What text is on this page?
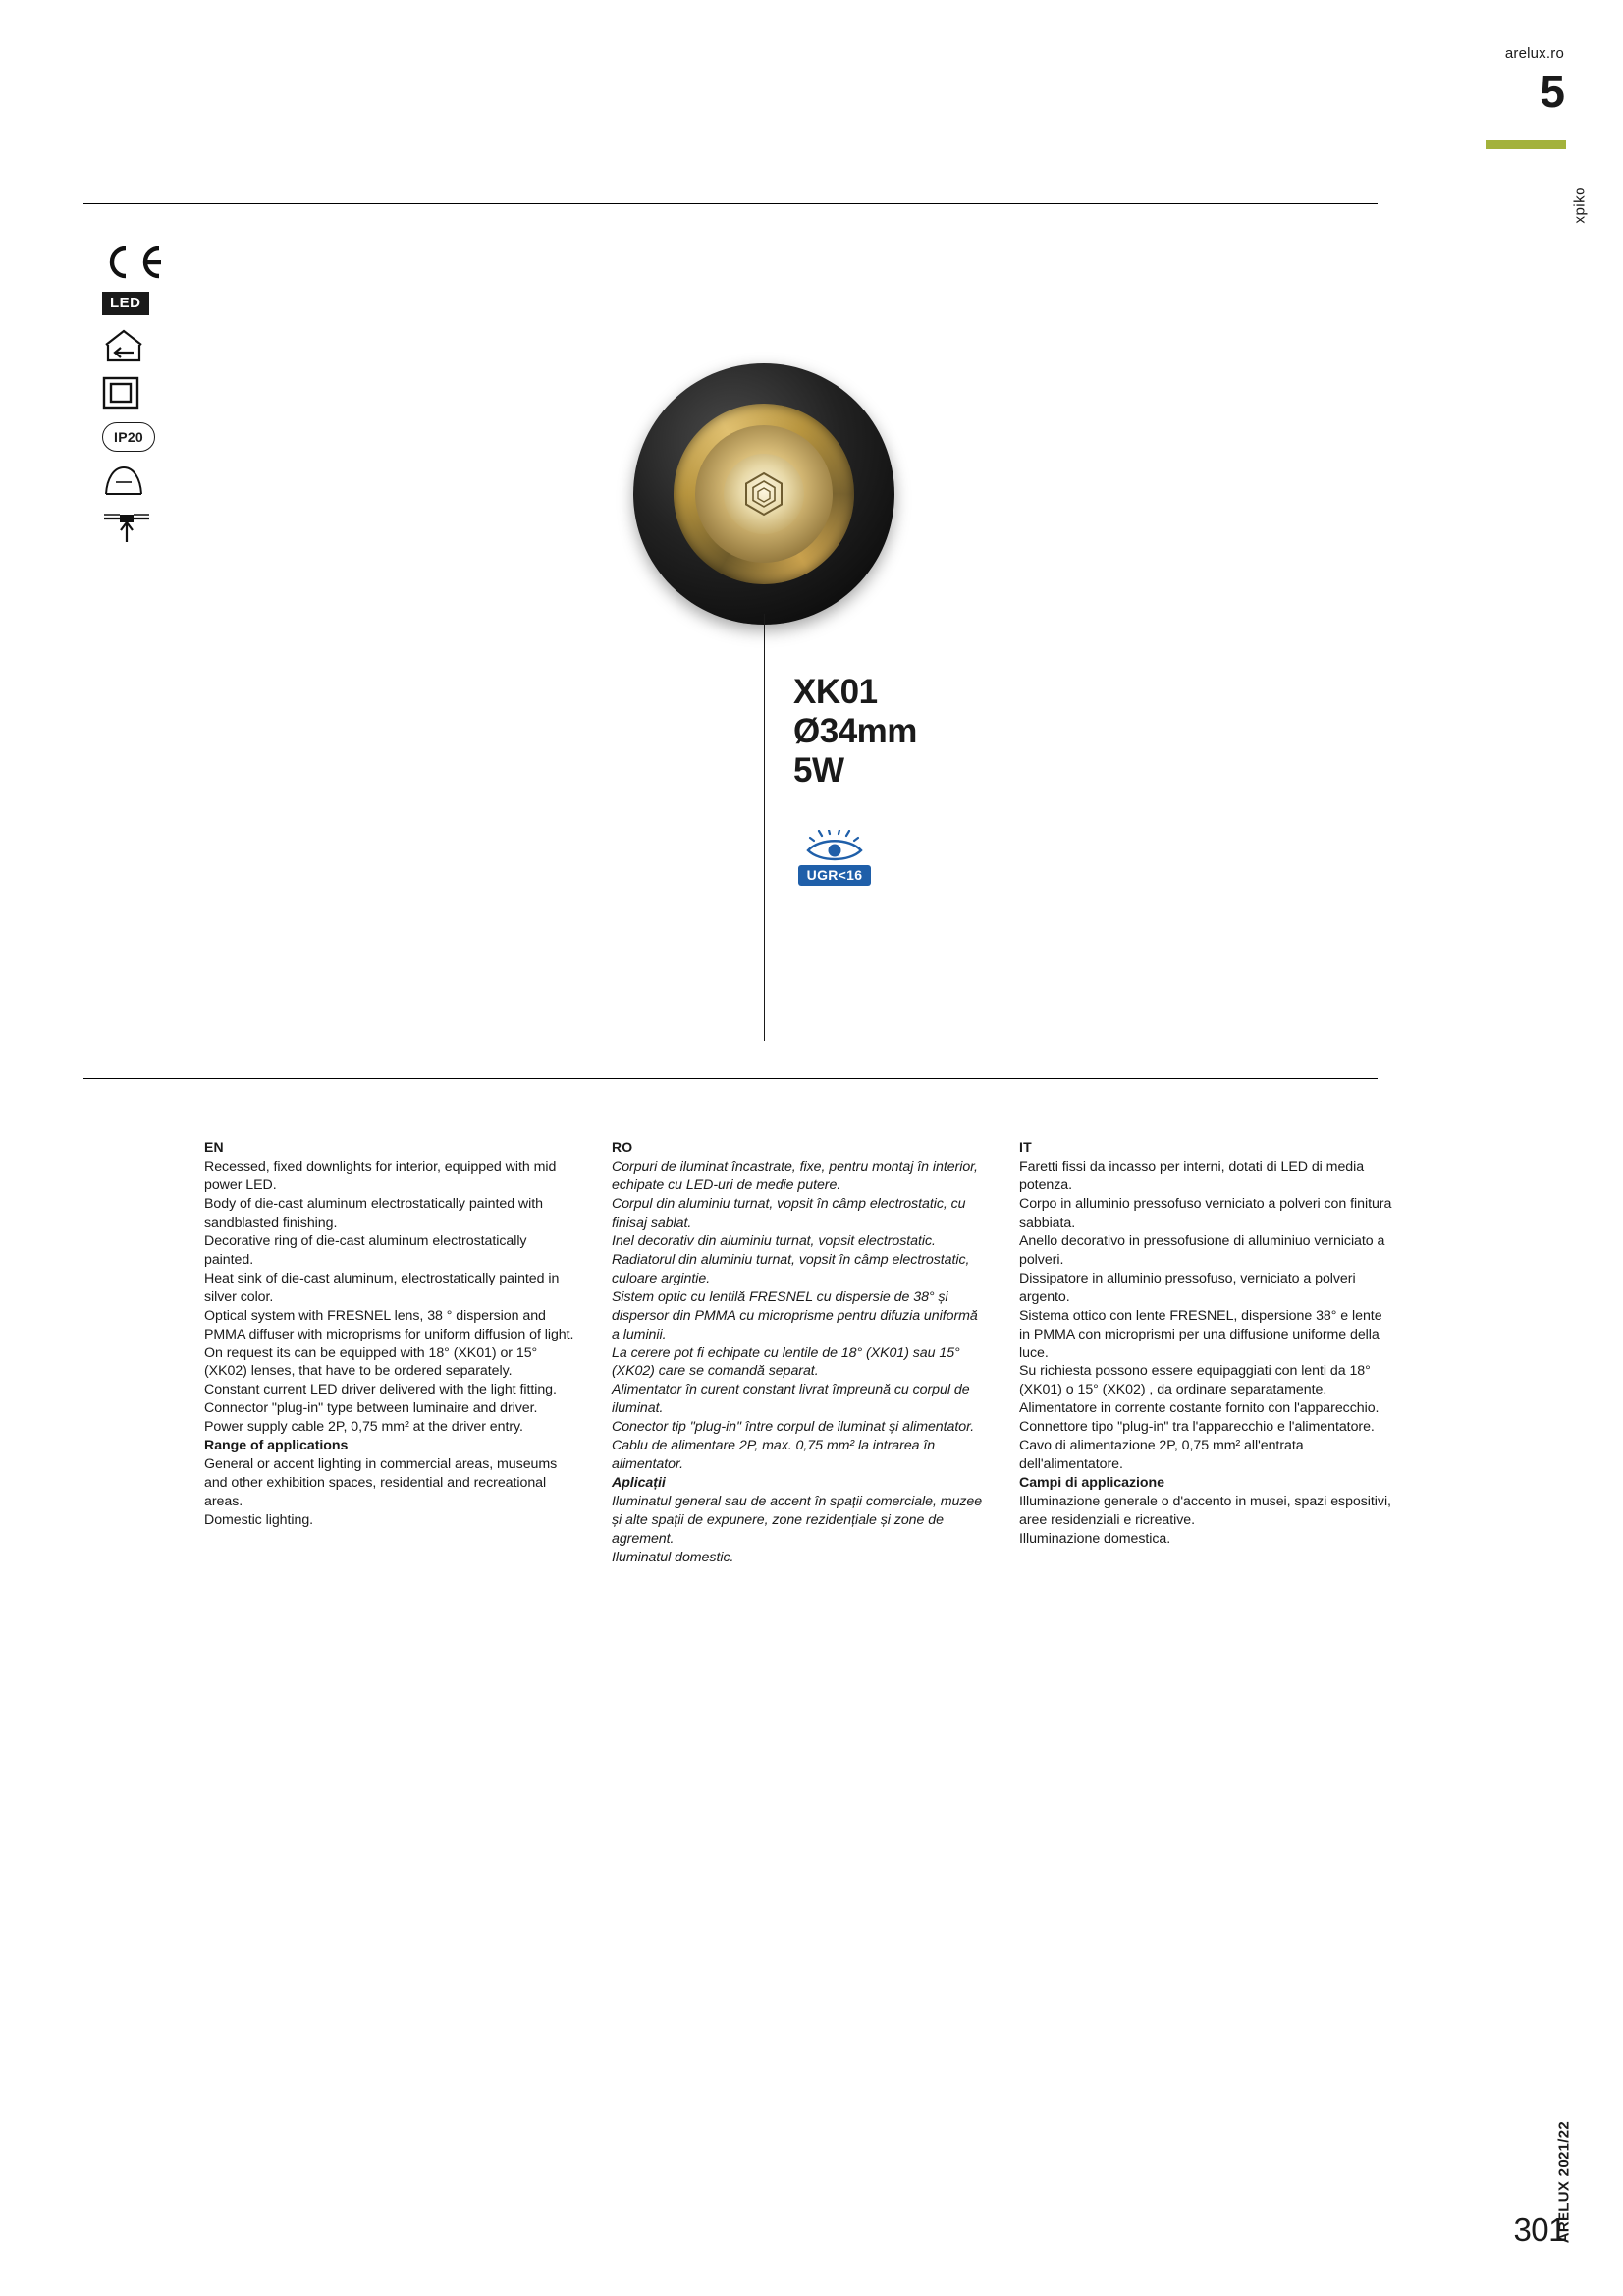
arelux.ro
5
xpiko
LED
IP20
XK01
Ø34mm
5W
UGR<16
EN

Recessed, fixed downlights for interior, equipped with mid power LED.

Body of die-cast aluminum electrostatically painted with sandblasted finishing.

Decorative ring of die-cast aluminum electrostatically painted.

Heat sink of die-cast aluminum, electrostatically painted in silver color.

Optical system with FRESNEL lens, 38 ° dispersion and PMMA diffuser with microprisms for uniform diffusion of light.

On request its can be equipped with 18° (XK01) or 15° (XK02) lenses, that have to be ordered separately.

Constant current LED driver delivered with the light fitting.

Connector "plug-in" type between luminaire and driver.

Power supply cable 2P, 0,75 mm² at the driver entry.

Range of applications

General or accent lighting in commercial areas, museums and other exhibition spaces, residential and recreational areas.

Domestic lighting.

RO

Corpuri de iluminat încastrate, fixe, pentru montaj în interior, echipate cu LED-uri de medie putere.

Corpul din aluminiu turnat, vopsit în câmp electrostatic, cu finisaj sablat.

Inel decorativ din aluminiu turnat, vopsit electrostatic.

Radiatorul din aluminiu turnat, vopsit în câmp electrostatic, culoare argintie.

Sistem optic cu lentilă FRESNEL cu dispersie de 38° și dispersor din PMMA cu microprisme pentru difuzia uniformă a luminii.

La cerere pot fi echipate cu lentile de 18° (XK01) sau 15° (XK02) care se comandă separat.

Alimentator în curent constant livrat împreună cu corpul de iluminat.

Conector tip "plug-in" între corpul de iluminat și alimentator.

Cablu de alimentare 2P, max. 0,75 mm² la intrarea în alimentator.

Aplicații

Iluminatul general sau de accent în spații comerciale, muzee și alte spații de expunere, zone rezidențiale și zone de agrement.

Iluminatul domestic.

IT

Faretti fissi da incasso per interni, dotati di LED di media potenza.

Corpo in alluminio pressofuso verniciato a polveri con finitura sabbiata.

Anello decorativo in pressofusione di alluminiuo verniciato a polveri.

Dissipatore in alluminio pressofuso, verniciato a polveri argento.

Sistema ottico con lente FRESNEL, dispersione 38° e lente in PMMA con microprismi per una diffusione uniforme della luce.

Su richiesta possono essere equipaggiati con lenti da 18° (XK01) o 15° (XK02) , da ordinare separatamente.

Alimentatore in corrente costante fornito con l'apparecchio.

Connettore tipo "plug-in" tra l'apparecchio e l'alimentatore.

Cavo di alimentazione 2P, 0,75 mm² all'entrata dell'alimentatore.

Campi di applicazione

Illuminazione generale o d'accento in musei, spazi espositivi, aree residenziali e ricreative.

Illuminazione domestica.

ARELUX 2021/22
301
